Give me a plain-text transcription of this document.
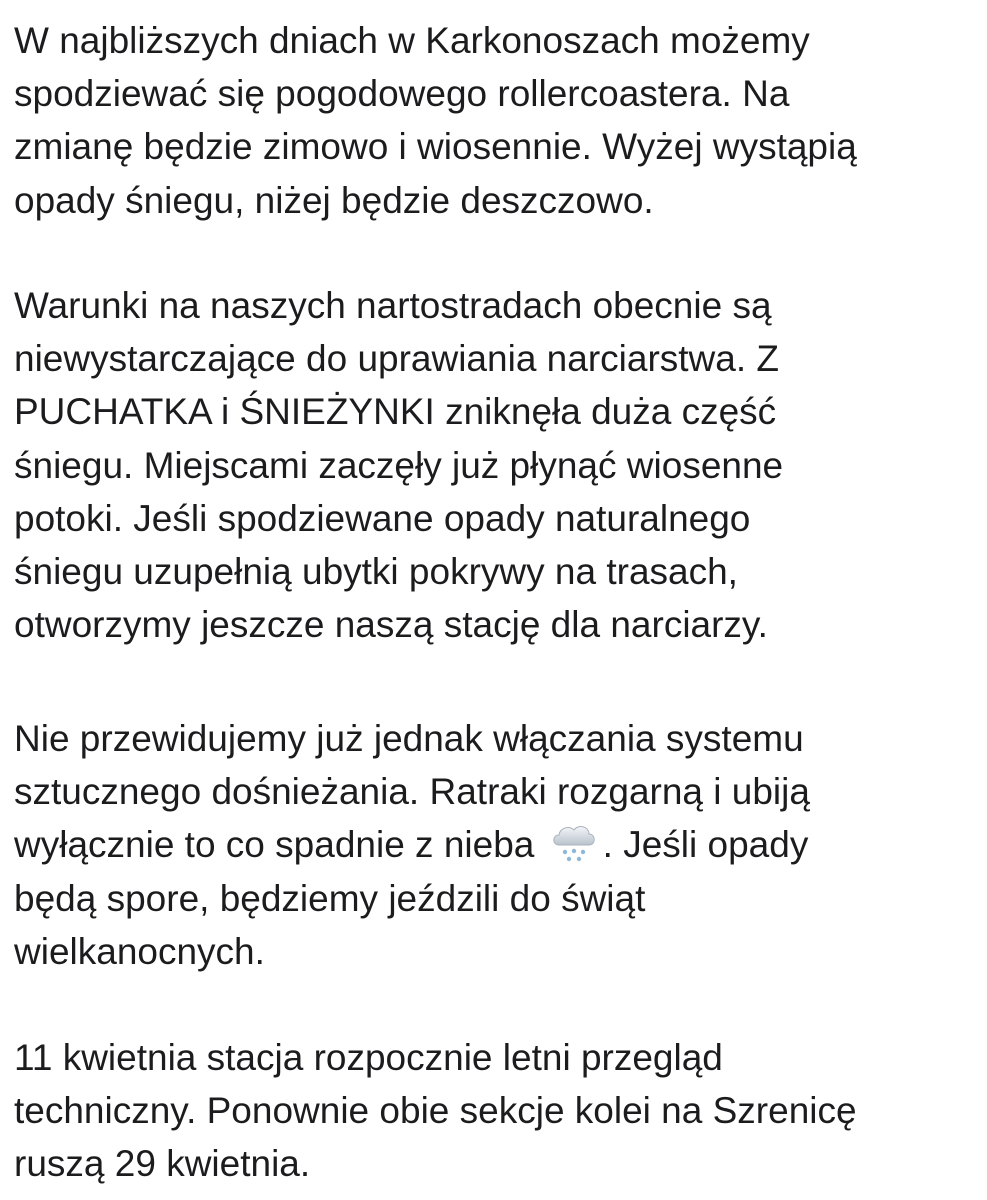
W najbliższych dniach w Karkonoszach możemy
spodziewać się pogodowego rollercoastera. Na
zmianę będzie zimowo i wiosennie. Wyżej wystąpią
opady śniegu, niżej będzie deszczowo.
Warunki na naszych nartostradach obecnie są
niewystarczające do uprawiania narciarstwa. Z
PUCHATKA i ŚNIEŻYNKI zniknęła duża część
śniegu. Miejscami zaczęły już płynąć wiosenne
potoki. Jeśli spodziewane opady naturalnego
śniegu uzupełnią ubytki pokrywy na trasach,
otworzymy jeszcze naszą stację dla narciarzy.
Nie przewidujemy już jednak włączania systemu
sztucznego dośnieżania. Ratraki rozgarną i ubiją
wyłącznie to co spadnie z nieba . Jeśli opady
będą spore, będziemy jeździli do świąt
wielkanocnych.
11 kwietnia stacja rozpocznie letni przegląd
techniczny. Ponownie obie sekcje kolei na Szrenicę
ruszą 29 kwietnia.
